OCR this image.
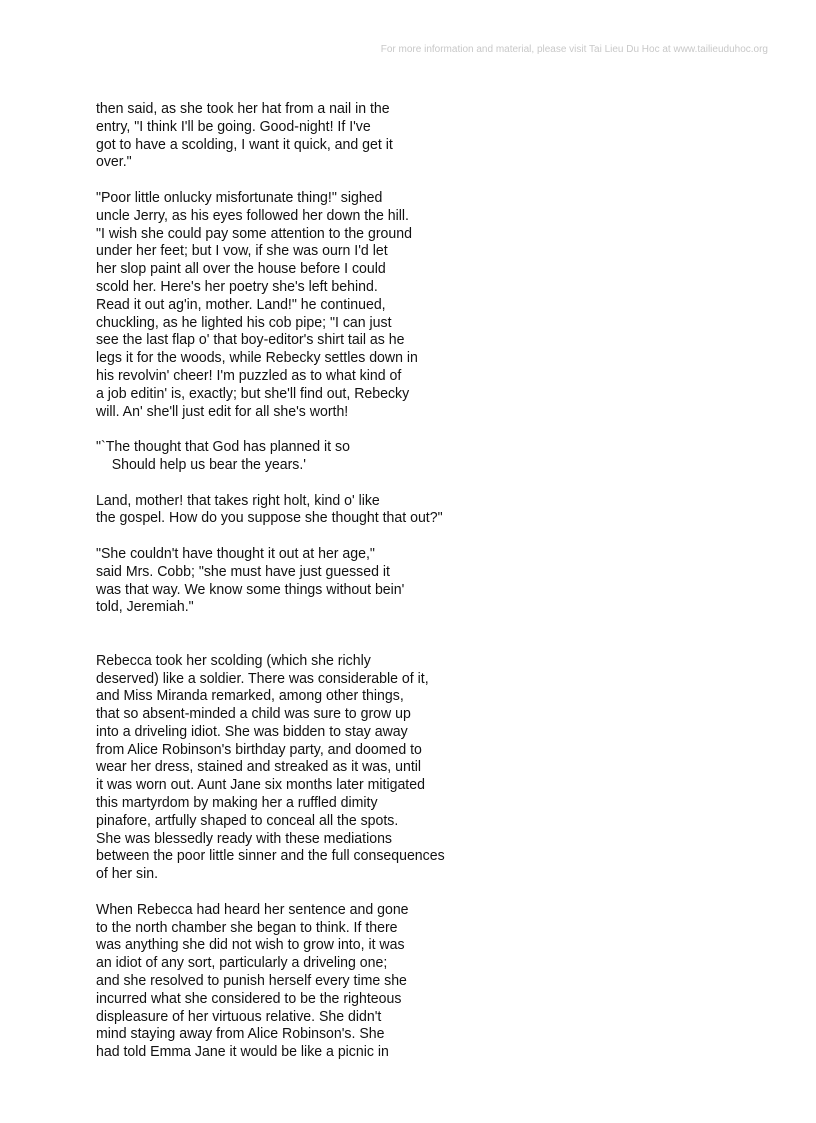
For more information and material, please visit Tai Lieu Du Hoc at www.tailieuduhoc.org
then said, as she took her hat from a nail in the
entry, "I think I'll be going. Good-night! If I've
got to have a scolding, I want it quick, and get it
over."
"Poor little onlucky misfortunate thing!" sighed
uncle Jerry, as his eyes followed her down the hill.
"I wish she could pay some attention to the ground
under her feet; but I vow, if she was ourn I'd let
her slop paint all over the house before I could
scold her. Here's her poetry she's left behind.
Read it out ag'in, mother. Land!" he continued,
chuckling, as he lighted his cob pipe; "I can just
see the last flap o' that boy-editor's shirt tail as he
legs it for the woods, while Rebecky settles down in
his revolvin' cheer! I'm puzzled as to what kind of
a job editin' is, exactly; but she'll find out, Rebecky
will. An' she'll just edit for all she's worth!
"`The thought that God has planned it so
Should help us bear the years.'
Land, mother! that takes right holt, kind o' like
the gospel. How do you suppose she thought that out?"
"She couldn't have thought it out at her age,"
said Mrs. Cobb; "she must have just guessed it
was that way. We know some things without bein'
told, Jeremiah."
Rebecca took her scolding (which she richly
deserved) like a soldier. There was considerable of it,
and Miss Miranda remarked, among other things,
that so absent-minded a child was sure to grow up
into a driveling idiot. She was bidden to stay away
from Alice Robinson's birthday party, and doomed to
wear her dress, stained and streaked as it was, until
it was worn out. Aunt Jane six months later mitigated
this martyrdom by making her a ruffled dimity
pinafore, artfully shaped to conceal all the spots.
She was blessedly ready with these mediations
between the poor little sinner and the full consequences
of her sin.
When Rebecca had heard her sentence and gone
to the north chamber she began to think. If there
was anything she did not wish to grow into, it was
an idiot of any sort, particularly a driveling one;
and she resolved to punish herself every time she
incurred what she considered to be the righteous
displeasure of her virtuous relative. She didn't
mind staying away from Alice Robinson's. She
had told Emma Jane it would be like a picnic in
